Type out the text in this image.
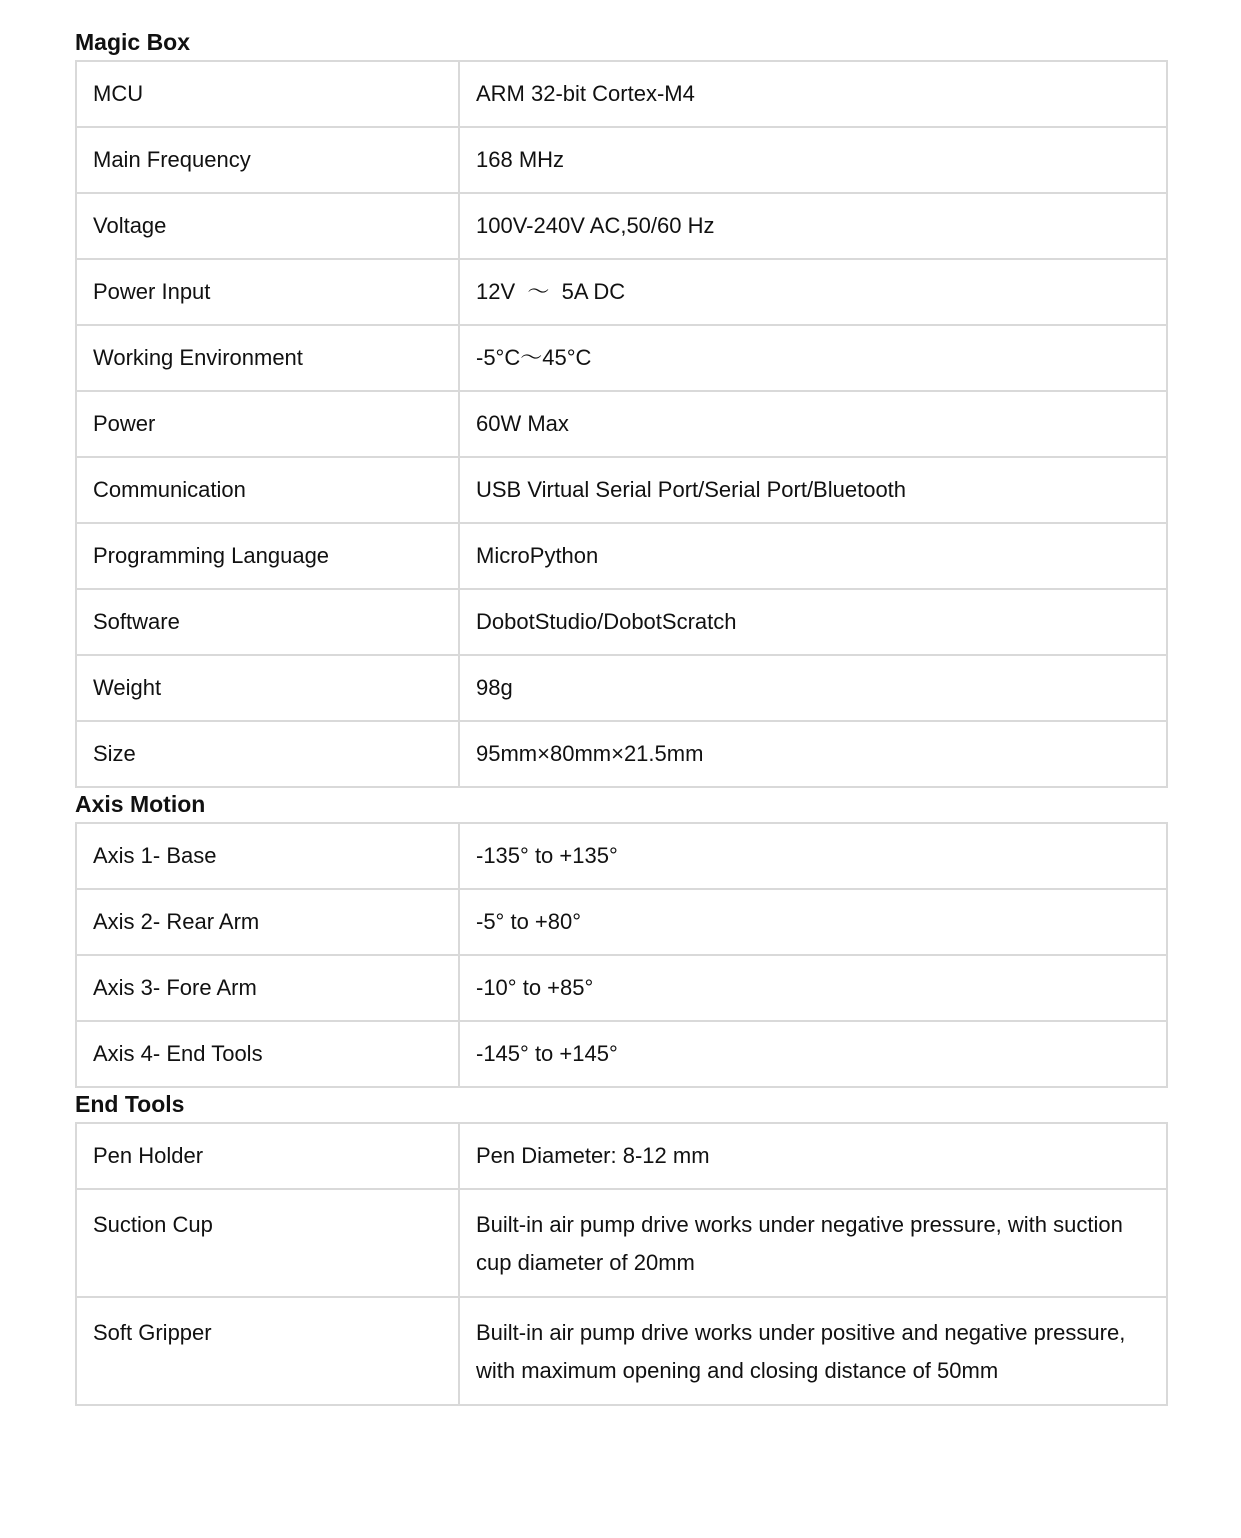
Magic Box
MCU	ARM 32-bit Cortex-M4
Main Frequency	168 MHz
Voltage	100V-240V AC,50/60 Hz
Power Input	12V  ～  5A DC
Working Environment	-5°C～45°C
Power	60W Max
Communication	USB Virtual Serial Port/Serial Port/Bluetooth
Programming Language	MicroPython
Software	DobotStudio/DobotScratch
Weight	98g
Size	95mm×80mm×21.5mm
Axis Motion
Axis 1- Base	-135° to +135°
Axis 2- Rear Arm	-5° to +80°
Axis 3- Fore Arm	-10° to +85°
Axis 4- End Tools	-145° to +145°
End Tools
Pen Holder	Pen Diameter: 8-12 mm
Suction Cup	Built-in air pump drive works under negative pressure, with suction cup diameter of 20mm
Soft Gripper	Built-in air pump drive works under positive and negative pressure, with maximum opening and closing distance of 50mm
